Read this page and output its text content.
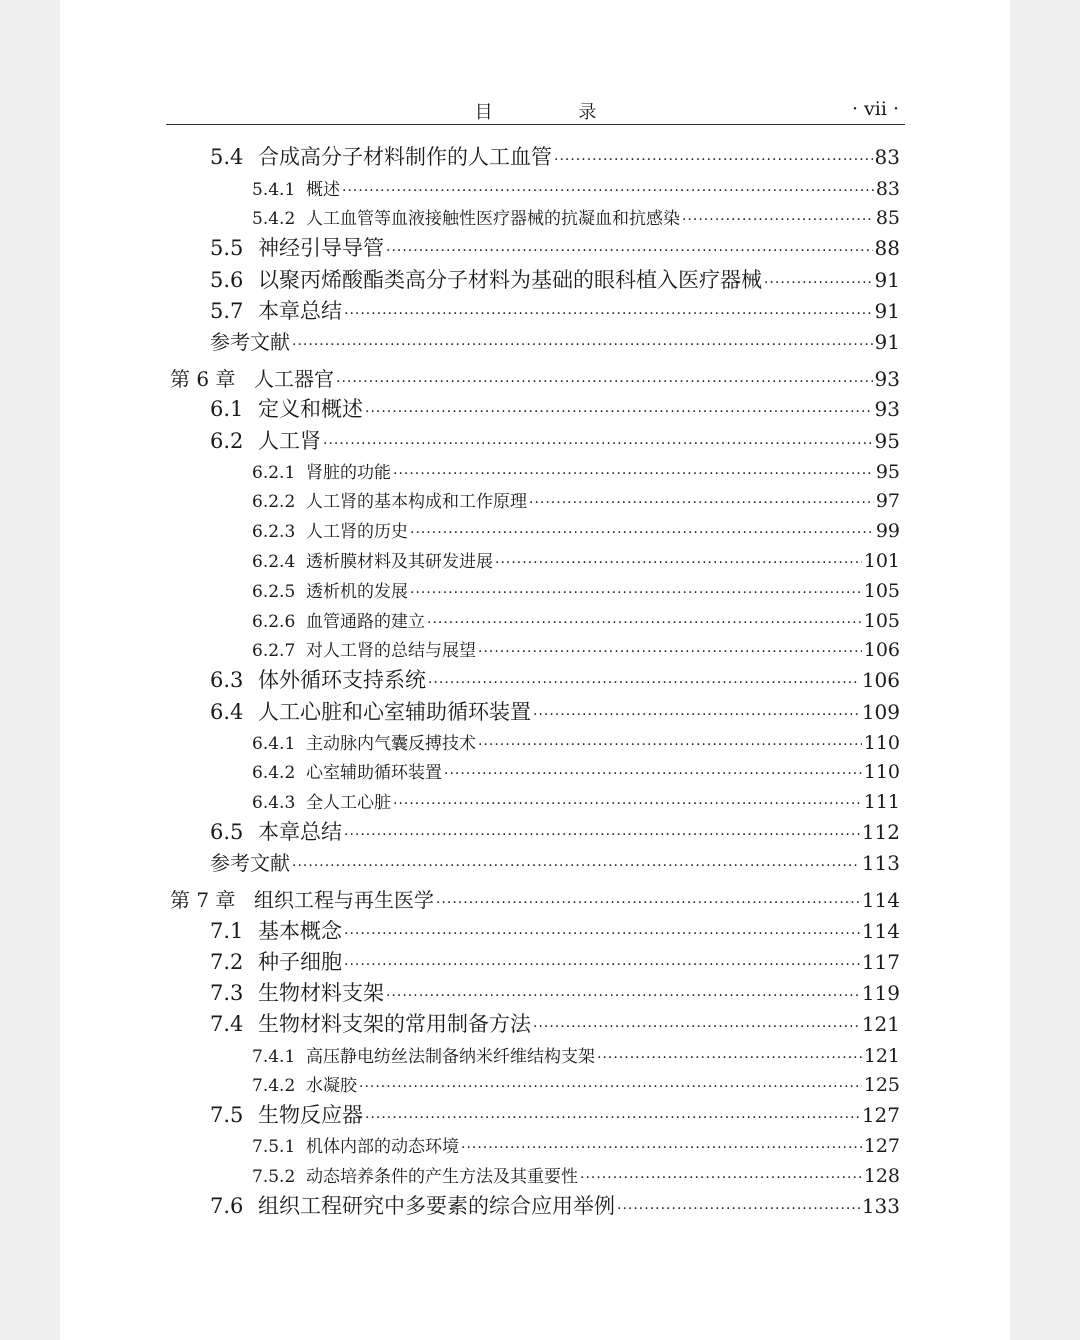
目 录	· vii ·
5.4 合成高分子材料制作的人工血管 ·····	83
5.4.1 概述 ·····	83
5.4.2 人工血管等血液接触性医疗器械的抗凝血和抗感染 ·····	85
5.5 神经引导导管 ·····	88
5.6 以聚丙烯酸酯类高分子材料为基础的眼科植入医疗器械 ·····	91
5.7 本章总结 ·····	91
参考文献 ·····	91
第 6 章 人工器官 ·····	93
6.1 定义和概述 ·····	93
6.2 人工肾 ·····	95
6.2.1 肾脏的功能 ·····	95
6.2.2 人工肾的基本构成和工作原理 ·····	97
6.2.3 人工肾的历史 ·····	99
6.2.4 透析膜材料及其研发进展 ·····	101
6.2.5 透析机的发展 ·····	105
6.2.6 血管通路的建立 ·····	105
6.2.7 对人工肾的总结与展望 ·····	106
6.3 体外循环支持系统 ·····	106
6.4 人工心脏和心室辅助循环装置 ·····	109
6.4.1 主动脉内气囊反搏技术 ·····	110
6.4.2 心室辅助循环装置 ·····	110
6.4.3 全人工心脏 ·····	111
6.5 本章总结 ·····	112
参考文献 ·····	113
第 7 章 组织工程与再生医学 ·····	114
7.1 基本概念 ·····	114
7.2 种子细胞 ·····	117
7.3 生物材料支架 ·····	119
7.4 生物材料支架的常用制备方法 ·····	121
7.4.1 高压静电纺丝法制备纳米纤维结构支架 ·····	121
7.4.2 水凝胶 ·····	125
7.5 生物反应器 ·····	127
7.5.1 机体内部的动态环境 ·····	127
7.5.2 动态培养条件的产生方法及其重要性 ·····	128
7.6 组织工程研究中多要素的综合应用举例 ·····	133
